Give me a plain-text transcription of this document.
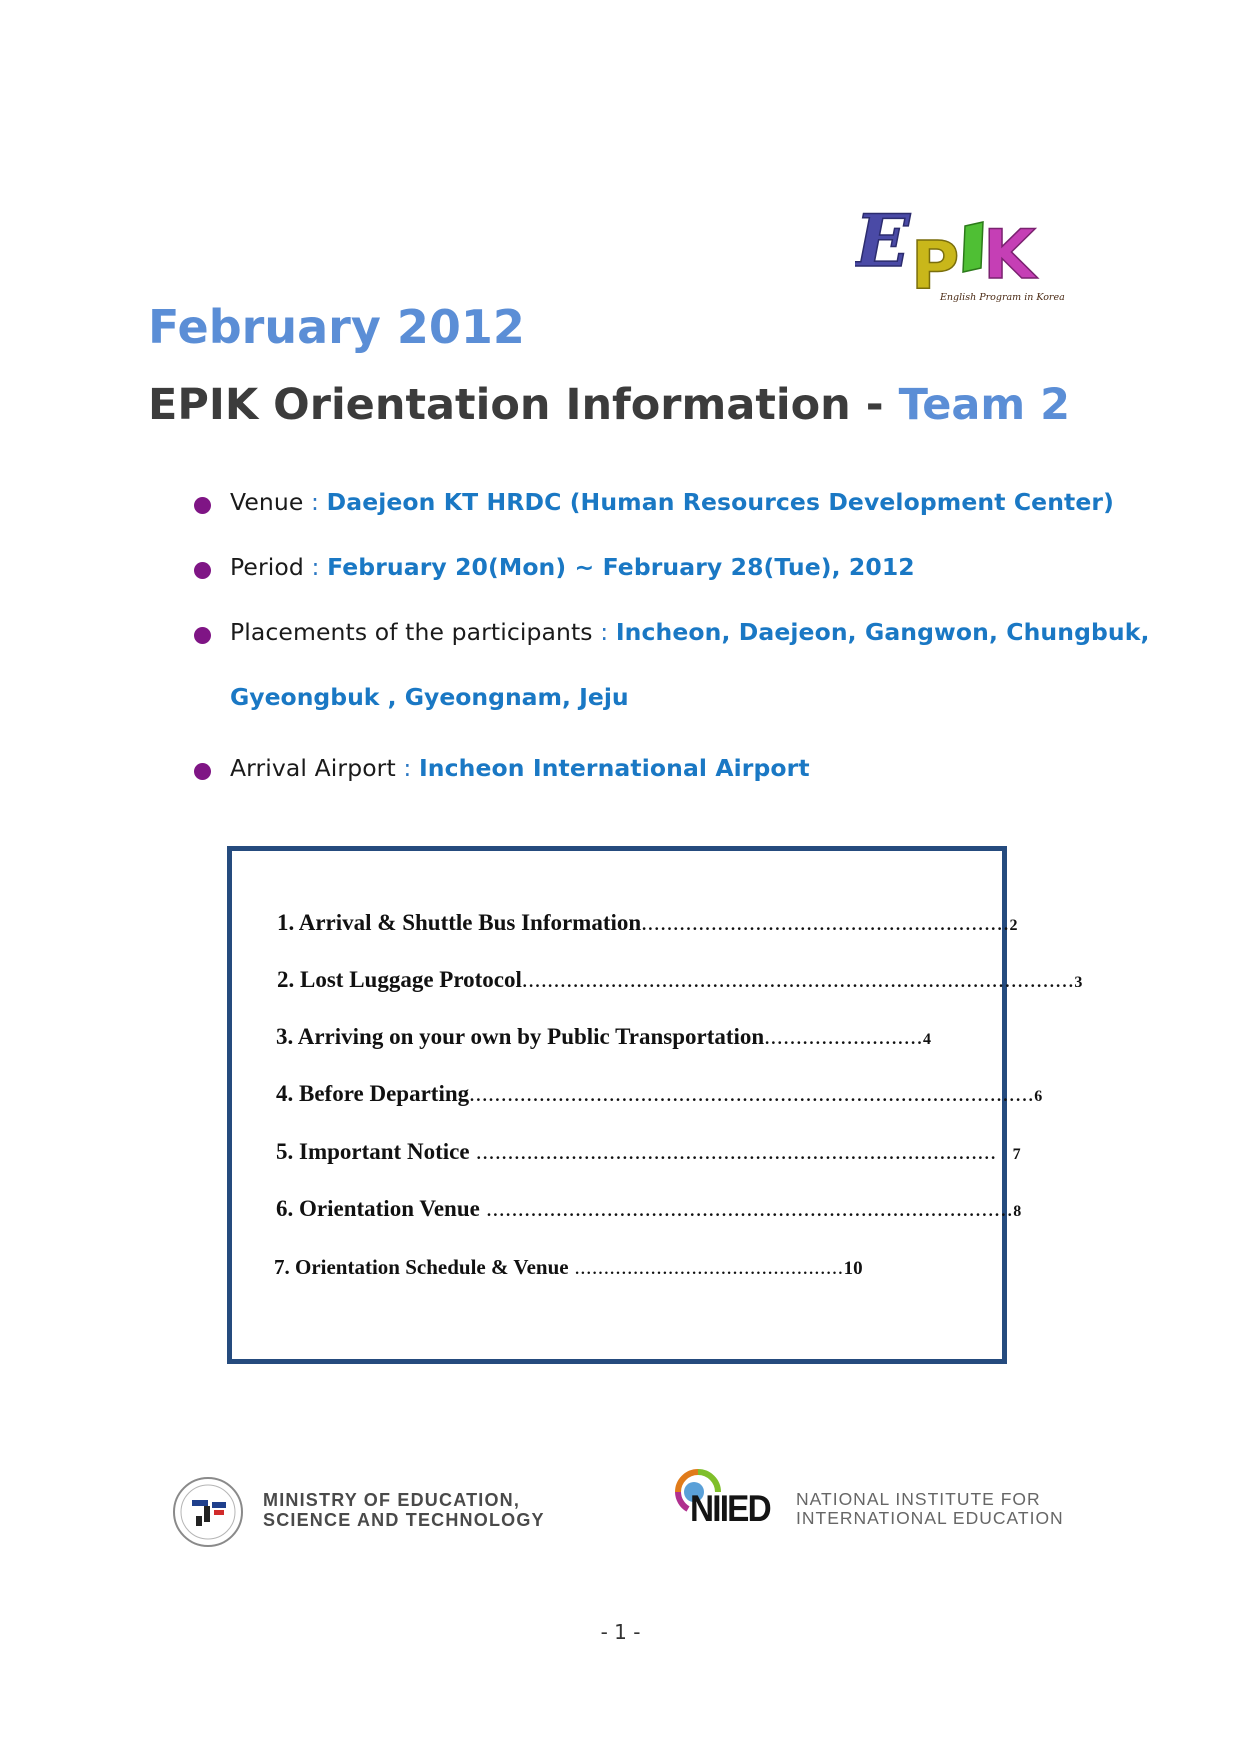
E P K
English Program in Korea
February 2012
EPIK Orientation Information - Team 2
Venue : Daejeon KT HRDC (Human Resources Development Center)
Period : February 20(Mon) ~ February 28(Tue), 2012
Placements of the participants : Incheon, Daejeon, Gangwon, Chungbuk,
Gyeongbuk , Gyeongnam, Jeju
Arrival Airport : Incheon International Airport
1. Arrival & Shuttle Bus Information..........................................................2
2. Lost Luggage Protocol.......................................................................................3
3. Arriving on your own by Public Transportation.........................4
4. Before Departing.........................................................................................6
5. Important Notice .................................................................................. 7
6. Orientation Venue ...................................................................................8
7. Orientation Schedule & Venue ..............................................10
MINISTRY OF EDUCATION,
SCIENCE AND TECHNOLOGY	NIIED NATIONAL INSTITUTE FOR
INTERNATIONAL EDUCATION
- 1 -
